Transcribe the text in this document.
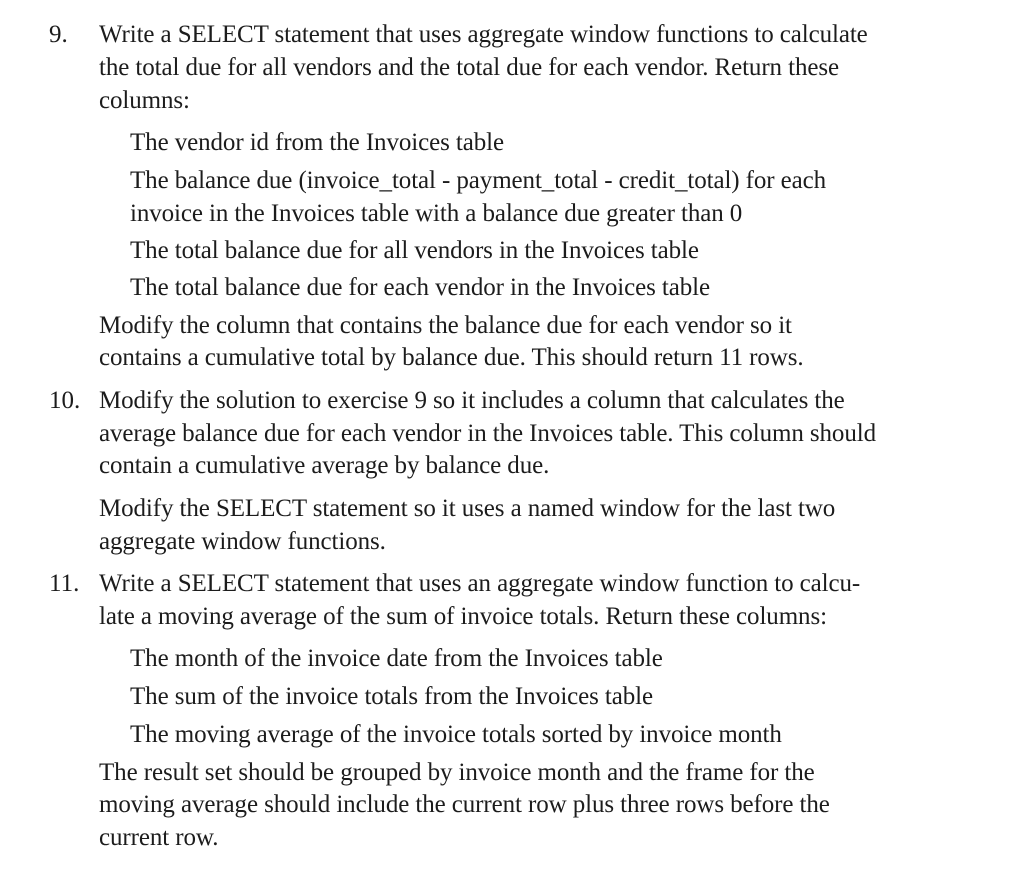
9. Write a SELECT statement that uses aggregate window functions to calculate
the total due for all vendors and the total due for each vendor. Return these
columns:
The vendor id from the Invoices table
The balance due (invoice_total - payment_total - credit_total) for each
invoice in the Invoices table with a balance due greater than 0
The total balance due for all vendors in the Invoices table
The total balance due for each vendor in the Invoices table
Modify the column that contains the balance due for each vendor so it
contains a cumulative total by balance due. This should return 11 rows.
10. Modify the solution to exercise 9 so it includes a column that calculates the
average balance due for each vendor in the Invoices table. This column should
contain a cumulative average by balance due.
Modify the SELECT statement so it uses a named window for the last two
aggregate window functions.
11. Write a SELECT statement that uses an aggregate window function to calcu-
late a moving average of the sum of invoice totals. Return these columns:
The month of the invoice date from the Invoices table
The sum of the invoice totals from the Invoices table
The moving average of the invoice totals sorted by invoice month
The result set should be grouped by invoice month and the frame for the
moving average should include the current row plus three rows before the
current row.
